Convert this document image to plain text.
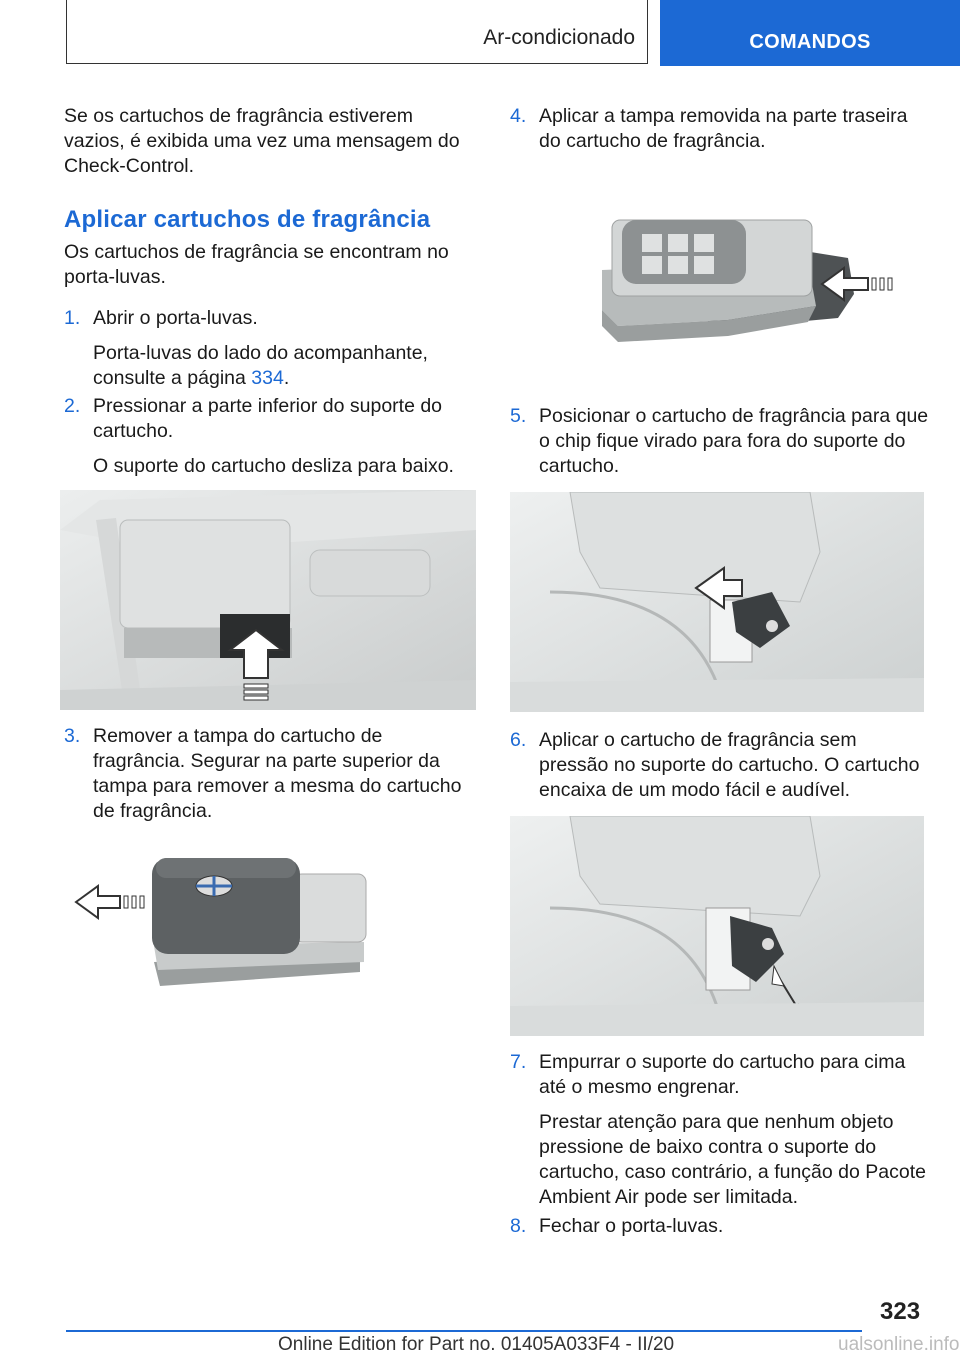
Ar-condicionado	COMANDOS

Se os cartuchos de fragrância estiverem vazios, é exibida uma vez uma mensagem do Check-Control.

Aplicar cartuchos de fragrância

Os cartuchos de fragrância se encontram no porta-luvas.

1. Abrir o porta-luvas.

Porta-luvas do lado do acompanhante, consulte a página 334.

2. Pressionar a parte inferior do suporte do cartucho.

O suporte do cartucho desliza para baixo.

3. Remover a tampa do cartucho de fragrância. Segurar na parte superior da tampa para remover a mesma do cartucho de fragrância.

4. Aplicar a tampa removida na parte traseira do cartucho de fragrância.

5. Posicionar o cartucho de fragrância para que o chip fique virado para fora do suporte do cartucho.

6. Aplicar o cartucho de fragrância sem pressão no suporte do cartucho. O cartucho encaixa de um modo fácil e audível.

7. Empurrar o suporte do cartucho para cima até o mesmo engrenar.

Prestar atenção para que nenhum objeto pressione de baixo contra o suporte do cartucho, caso contrário, a função do Pacote Ambient Air pode ser limitada.

8. Fechar o porta-luvas.

323
Online Edition for Part no. 01405A033F4 - II/20	ualsonline.info
